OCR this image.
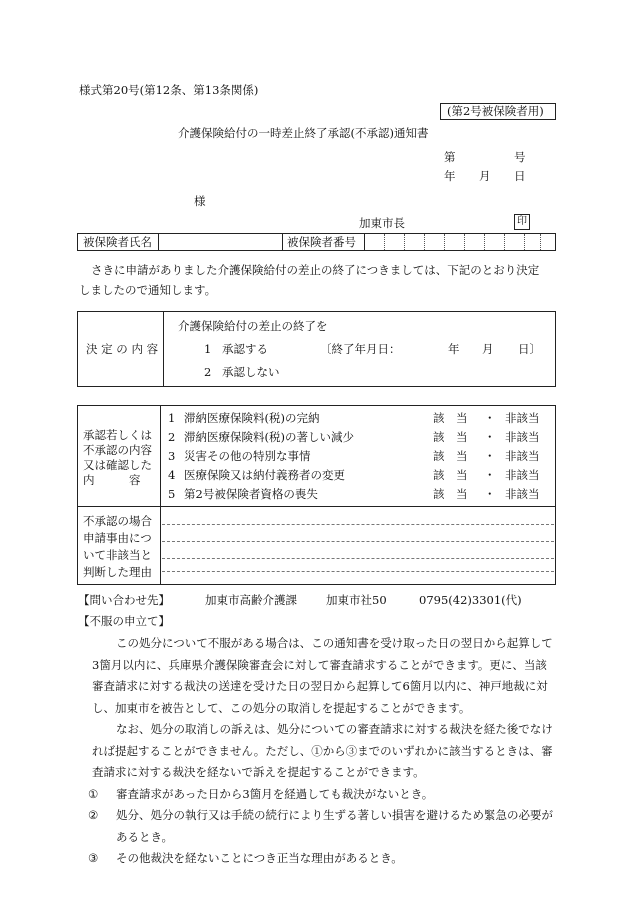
様式第20号(第12条、第13条関係)
(第2号被保険者用)
介護保険給付の一時差止終了承認(不承認)通知書
第	号
年 月 日
様
加東市長	印
被保険者氏名	被保険者番号
さきに申請がありました介護保険給付の差止の終了につきましては、下記のとおり決定
しましたので通知します。
決 定 の 内 容
介護保険給付の差止の終了を
1 承認する	〔終了年月日：	年 月 日〕
2 承認しない
承認若しくは
不承認の内容
又は確認した
内　　　容
1 滞納医療保険料(税)の完納	該　当 ・ 非該当
2 滞納医療保険料(税)の著しい減少	該　当 ・ 非該当
3 災害その他の特別な事情	該　当 ・ 非該当
4 医療保険又は納付義務者の変更	該　当 ・ 非該当
5 第2号被保険者資格の喪失	該　当 ・ 非該当
不承認の場合
申請事由につ
いて非該当と
判断した理由
【問い合わせ先】	加東市高齢介護課	加東市社50	0795(42)3301(代)
【不服の申立て】

この処分について不服がある場合は、この通知書を受け取った日の翌日から起算して3箇月以内に、兵庫県介護保険審査会に対して審査請求することができます。更に、当該審査請求に対する裁決の送達を受けた日の翌日から起算して6箇月以内に、神戸地裁に対し、加東市を被告として、この処分の取消しを提起することができます。

なお、処分の取消しの訴えは、処分についての審査請求に対する裁決を経た後でなければ提起することができません。ただし、①から③までのいずれかに該当するときは、審査請求に対する裁決を経ないで訴えを提起することができます。

①	審査請求があった日から3箇月を経過しても裁決がないとき。
②	処分、処分の執行又は手続の続行により生ずる著しい損害を避けるため緊急の必要があるとき。
③	その他裁決を経ないことにつき正当な理由があるとき。
